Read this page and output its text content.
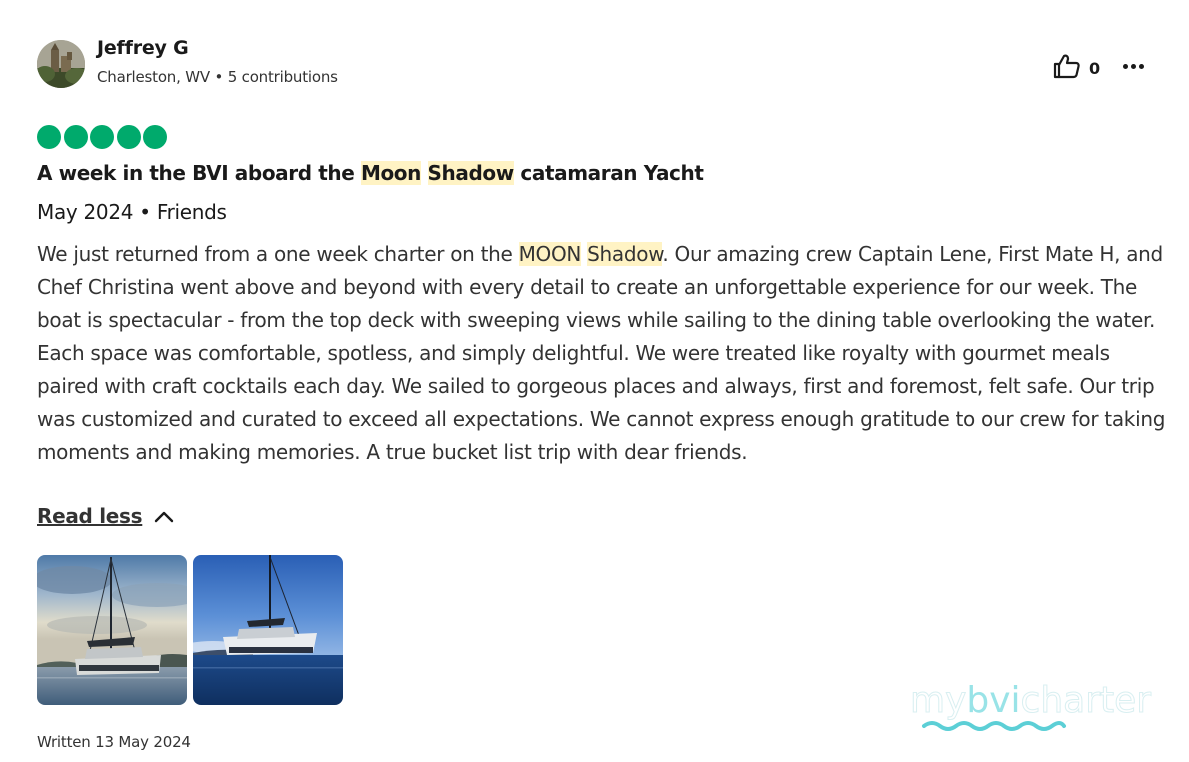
Jeffrey G
Charleston, WV • 5 contributions	0
A week in the BVI aboard the Moon Shadow catamaran Yacht
May 2024 • Friends

We just returned from a one week charter on the MOON Shadow. Our amazing crew Captain Lene, First Mate H, and Chef Christina went above and beyond with every detail to create an unforgettable experience for our week. The boat is spectacular - from the top deck with sweeping views while sailing to the dining table overlooking the water. Each space was comfortable, spotless, and simply delightful. We were treated like royalty with gourmet meals paired with craft cocktails each day. We sailed to gorgeous places and always, first and foremost, felt safe. Our trip was customized and curated to exceed all expectations. We cannot express enough gratitude to our crew for taking moments and making memories. A true bucket list trip with dear friends.

Read less
Written 13 May 2024
mybvicharter
